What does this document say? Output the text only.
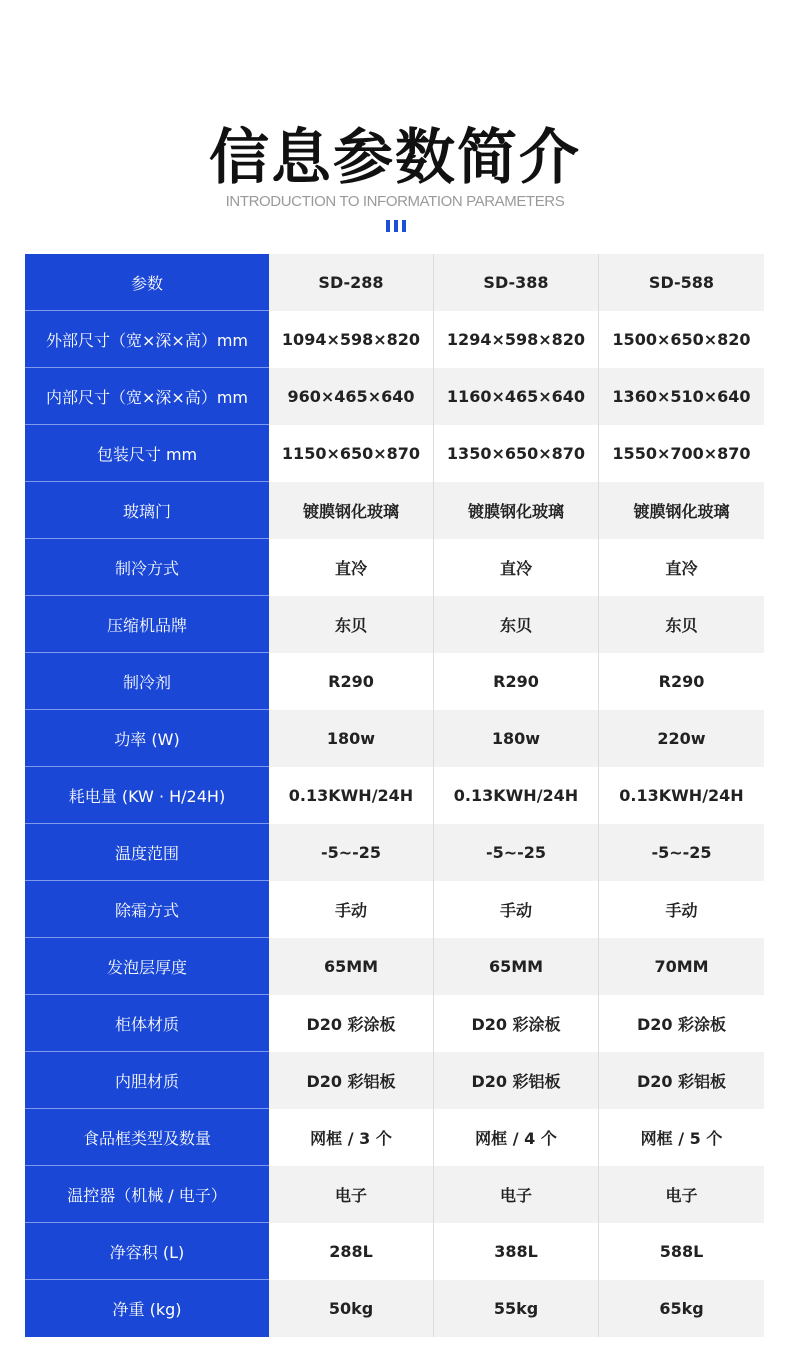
信息参数简介
INTRODUCTION TO INFORMATION PARAMETERS
参数	SD-288	SD-388	SD-588
外部尺寸（宽×深×高）mm	1094×598×820	1294×598×820	1500×650×820
内部尺寸（宽×深×高）mm	960×465×640	1160×465×640	1360×510×640
包装尺寸 mm	1150×650×870	1350×650×870	1550×700×870
玻璃门	镀膜钢化玻璃	镀膜钢化玻璃	镀膜钢化玻璃
制冷方式	直冷	直冷	直冷
压缩机品牌	东贝	东贝	东贝
制冷剂	R290	R290	R290
功率 (W)	180w	180w	220w
耗电量 (KW · H/24H)	0.13KWH/24H	0.13KWH/24H	0.13KWH/24H
温度范围	-5~-25	-5~-25	-5~-25
除霜方式	手动	手动	手动
发泡层厚度	65MM	65MM	70MM
柜体材质	D20 彩涂板	D20 彩涂板	D20 彩涂板
内胆材质	D20 彩铝板	D20 彩铝板	D20 彩铝板
食品框类型及数量	网框 / 3 个	网框 / 4 个	网框 / 5 个
温控器（机械 / 电子）	电子	电子	电子
净容积 (L)	288L	388L	588L
净重 (kg)	50kg	55kg	65kg
